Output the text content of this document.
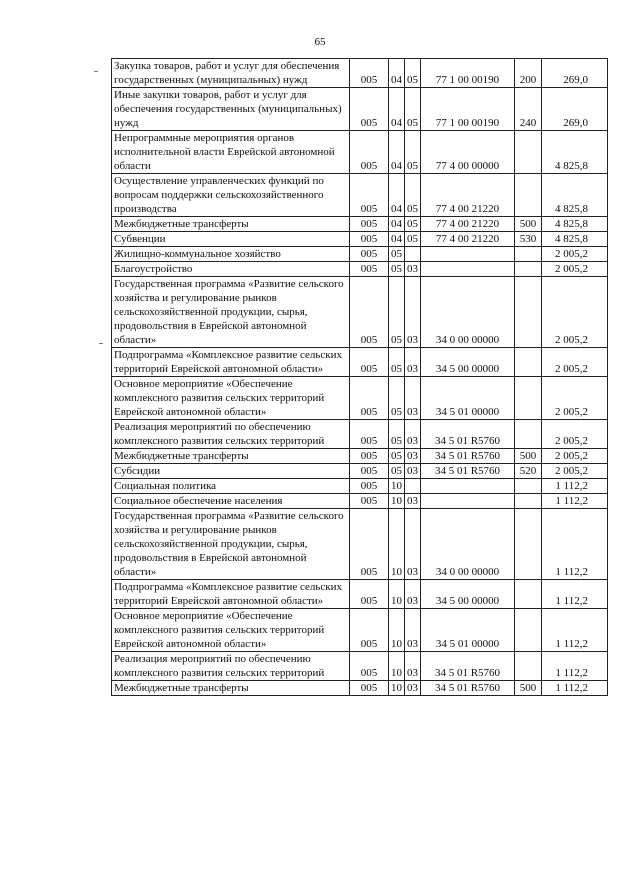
65
Закупка товаров, работ и услуг для обеспечения государственных (муниципальных) нужд	005	04	05	77 1 00 00190	200	269,0
Иные закупки товаров, работ и услуг для обеспечения государственных (муниципальных) нужд	005	04	05	77 1 00 00190	240	269,0
Непрограммные мероприятия органов исполнительной власти Еврейской автономной области	005	04	05	77 4 00 00000		4 825,8
Осуществление управленческих функций по вопросам поддержки сельскохозяйственного производства	005	04	05	77 4 00 21220		4 825,8
Межбюджетные трансферты	005	04	05	77 4 00 21220	500	4 825,8
Субвенции	005	04	05	77 4 00 21220	530	4 825,8
Жилищно-коммунальное хозяйство	005	05				2 005,2
Благоустройство	005	05	03			2 005,2
Государственная программа «Развитие сельского хозяйства и регулирование рынков сельскохозяйственной продукции, сырья, продовольствия в Еврейской автономной области»	005	05	03	34 0 00 00000		2 005,2
Подпрограмма «Комплексное развитие сельских территорий Еврейской автономной области»	005	05	03	34 5 00 00000		2 005,2
Основное мероприятие «Обеспечение комплексного развития сельских территорий Еврейской автономной области»	005	05	03	34 5 01 00000		2 005,2
Реализация мероприятий по обеспечению комплексного развития сельских территорий	005	05	03	34 5 01 R5760		2 005,2
Межбюджетные трансферты	005	05	03	34 5 01 R5760	500	2 005,2
Субсидии	005	05	03	34 5 01 R5760	520	2 005,2
Социальная политика	005	10				1 112,2
Социальное обеспечение населения	005	10	03			1 112,2
Государственная программа «Развитие сельского хозяйства и регулирование рынков сельскохозяйственной продукции, сырья, продовольствия в Еврейской автономной области»	005	10	03	34 0 00 00000		1 112,2
Подпрограмма «Комплексное развитие сельских территорий Еврейской автономной области»	005	10	03	34 5 00 00000		1 112,2
Основное мероприятие «Обеспечение комплексного развития сельских территорий Еврейской автономной области»	005	10	03	34 5 01 00000		1 112,2
Реализация мероприятий по обеспечению комплексного развития сельских территорий	005	10	03	34 5 01 R5760		1 112,2
Межбюджетные трансферты	005	10	03	34 5 01 R5760	500	1 112,2
